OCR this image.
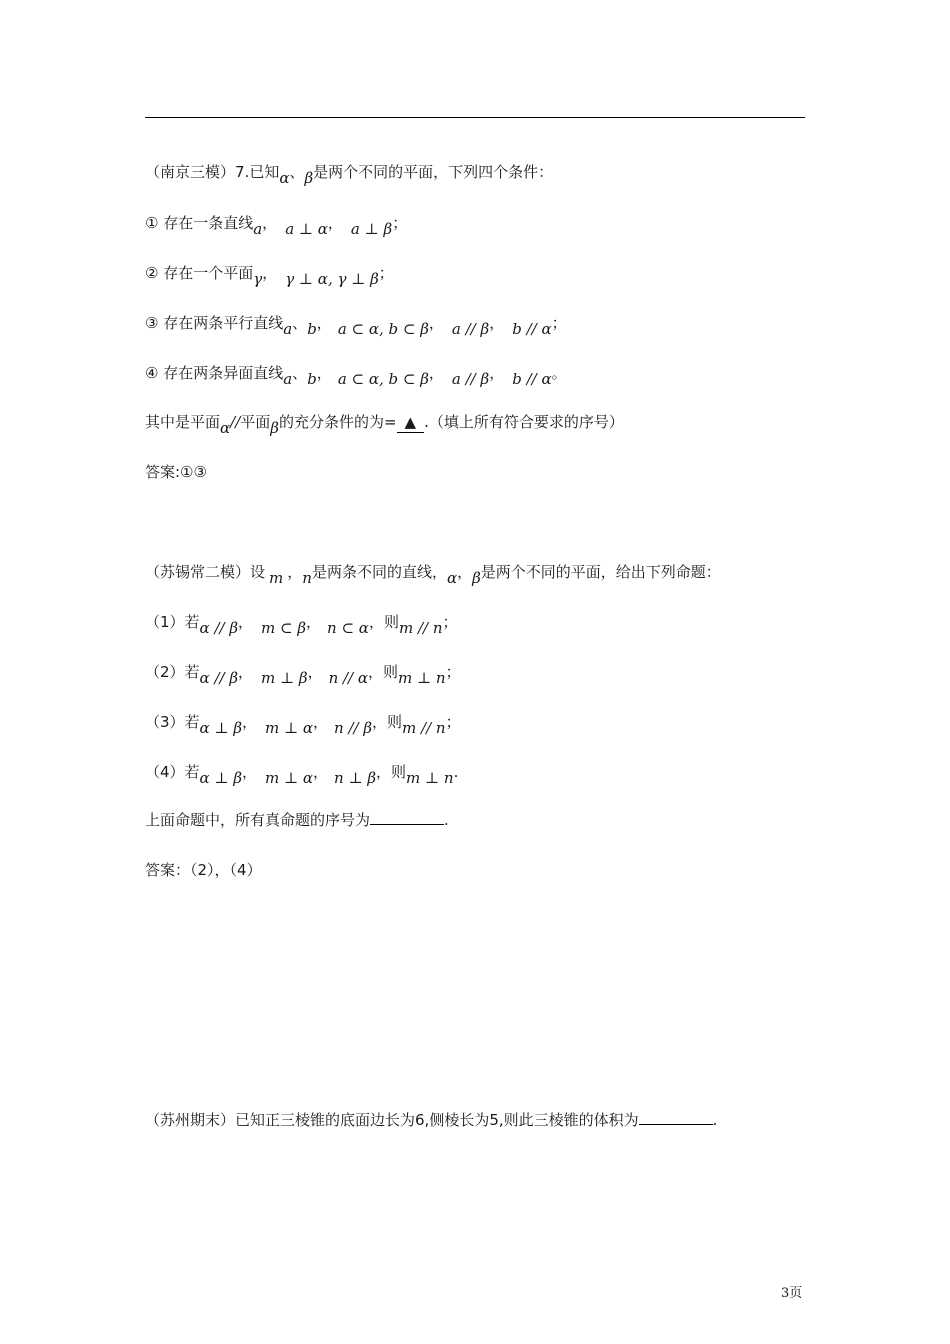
（南京三模）7.已知α、β是两个不同的平面，下列四个条件：
① 存在一条直线a， a ⊥ α， a ⊥ β；
② 存在一个平面γ， γ ⊥ α, γ ⊥ β；
③ 存在两条平行直线a、b， a ⊂ α, b ⊂ β， a // β， b // α；
④ 存在两条异面直线a、b， a ⊂ α, b ⊂ β， a // β， b // α。
其中是平面α//平面β的充分条件的为= ▲ .（填上所有符合要求的序号）
答案:①③
（苏锡常二模）设 m ，n是两条不同的直线，α，β是两个不同的平面，给出下列命题：
（1）若α // β， m ⊂ β， n ⊂ α，则m // n；
（2）若α // β， m ⊥ β， n // α，则m ⊥ n；
（3）若α ⊥ β， m ⊥ α， n // β，则m // n；
（4）若α ⊥ β， m ⊥ α， n ⊥ β，则m ⊥ n.
上面命题中，所有真命题的序号为	.
答案：（2），（4）
（苏州期末）已知正三棱锥的底面边长为6,侧棱长为5,则此三棱锥的体积为	.
3页
